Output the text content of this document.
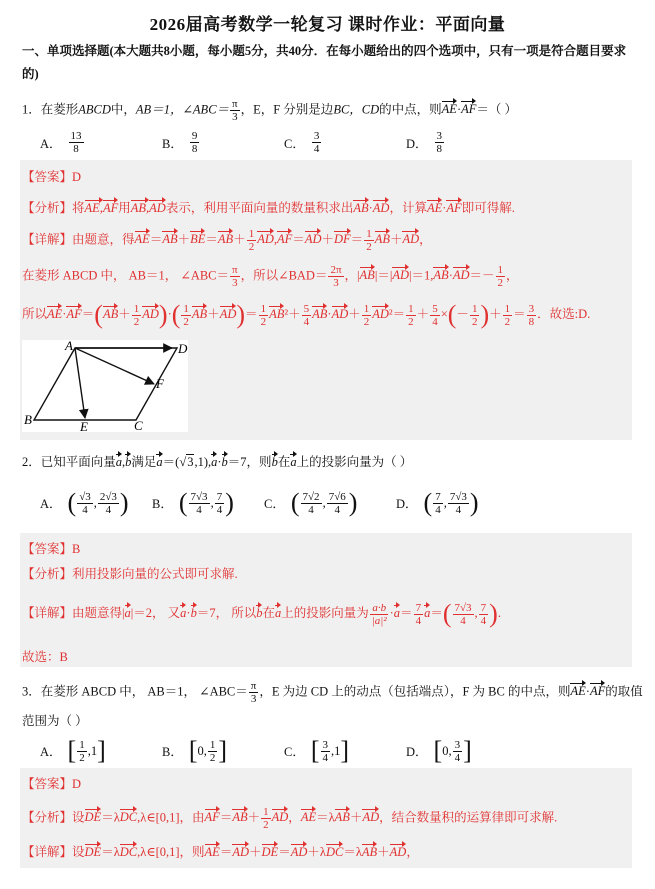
2026届高考数学一轮复习 课时作业：平面向量
一、单项选择题(本大题共8小题，每小题5分，共40分．在每小题给出的四个选项中，只有一项是符合题目要求的)
1．在菱形ABCD中，AB＝1，∠ABC＝ $\frac{\pi}{3}$ ，E，F 分别是边BC，CD的中点，则AE·AF＝（ ）
A． $\frac{13}{8}$	B． $\frac{9}{8}$	C． $\frac{3}{4}$	D． $\frac{3}{8}$
【答案】D
【分析】将AE,AF用AB,AD表示，利用平面向量的数量积求出AB·AD，计算AE·AF即可得解.
【详解】由题意，得$AE=AB+BE=AB+ \frac{1}{2} AD,AF=AD+DF= \frac{1}{2} AB+AD$，
在菱形 ABCD 中， AB＝1， ∠ABC＝ $\frac{\pi}{3}$ ，所以∠BAD＝ $\frac{2\pi}{3}$ ，$|AB|=|AD|=1,AB\cdot AD=- \frac{1}{2}$ ，
所以$AE\cdot AF=(AB+ \frac{1}{2} AD)\cdot( \frac{1}{2} AB+AD)= \frac{1}{2} AB^2+ \frac{5}{4} AB\cdot AD+ \frac{1}{2} AD^2= \frac{1}{2} + \frac{5}{4}$ ×(－ $\frac{1}{2}$ )＋ $\frac{1}{2} = \frac{3}{8}$ ．故选:D.
A	D
F
B	E	C
2．已知平面向量a,b满足a＝(√3,1),a·b＝7，则b在a上的投影向量为（ ）
A． ( $\frac{√3}{4}$ , $\frac{2√3}{4}$ ) B． ( $\frac{7√3}{4}$ , $\frac{7}{4}$ ) C． ( $\frac{7√2}{4}$ , $\frac{7√6}{4}$ )	D． ( $\frac{7}{4}$ , $\frac{7√3}{4}$ )
【答案】B
【分析】利用投影向量的公式即可求解.
【详解】由题意得|a|＝2， 又a·b＝7， 所以b在a上的投影向量为 $\frac{a\cdot b}{\text{|a|²}} \cdot a= \frac{7}{4} a=( \frac{7√3}{4}$ , $\frac{7}{4}$ ).
故选：B
3．在菱形 ABCD 中， AB＝1， ∠ABC＝ $\frac{\pi}{3}$ ，E 为边 CD 上的动点（包括端点），F 为 BC 的中点，则AE·AF的取值
范围为（ ）
A． [ $\frac{1}{2}$ , 1 ]	B． [ 0 , $\frac{1}{2}$ ]	C． [ $\frac{3}{4}$ , 1 ]	D． [ 0 , $\frac{3}{4}$ ]
【答案】D
【分析】设DE＝λDC,λ∈[0,1]，由$AF=AB+ \frac{1}{2}$ AD，AE＝λAB＋AD，结合数量积的运算律即可求解.
【详解】设DE＝λDC,λ∈[0,1]，则AE＝AD＋DE＝AD＋λDC＝λAB＋AD，
